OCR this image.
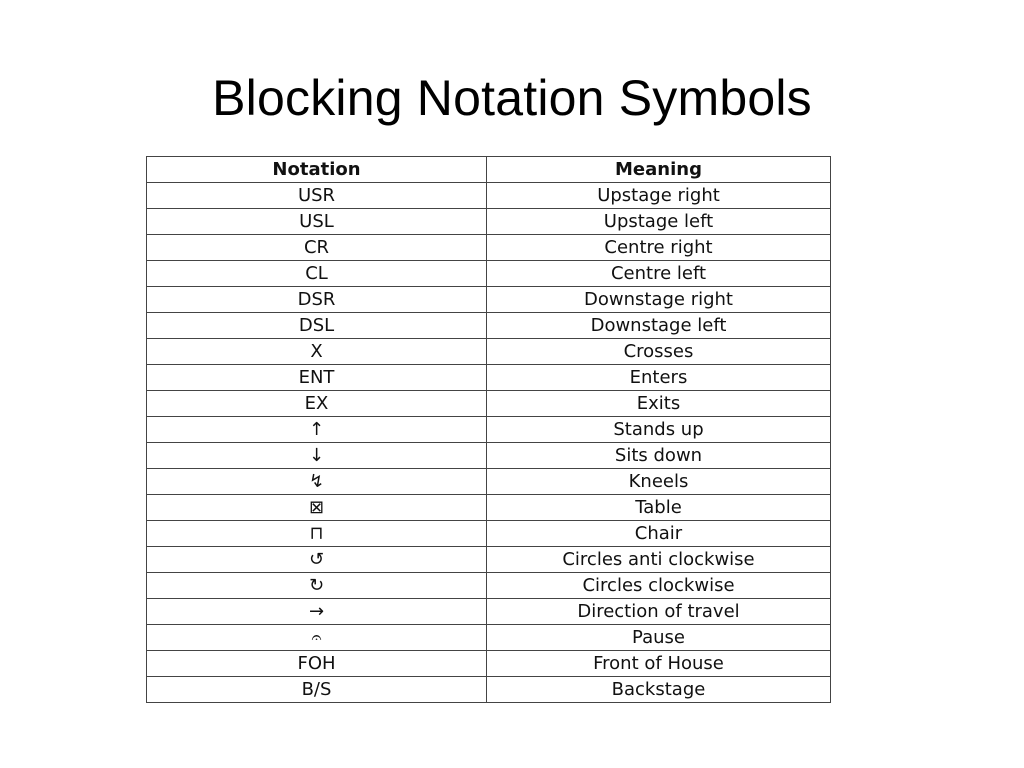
Blocking Notation Symbols
Notation	Meaning
USR	Upstage right
USL	Upstage left
CR	Centre right
CL	Centre left
DSR	Downstage right
DSL	Downstage left
X	Crosses
ENT	Enters
EX	Exits
↑	Stands up
↓	Sits down
↯	Kneels
⊠	Table
⊓	Chair
↺	Circles anti clockwise
↻	Circles clockwise
→	Direction of travel
𝄐	Pause
FOH	Front of House
B/S	Backstage
